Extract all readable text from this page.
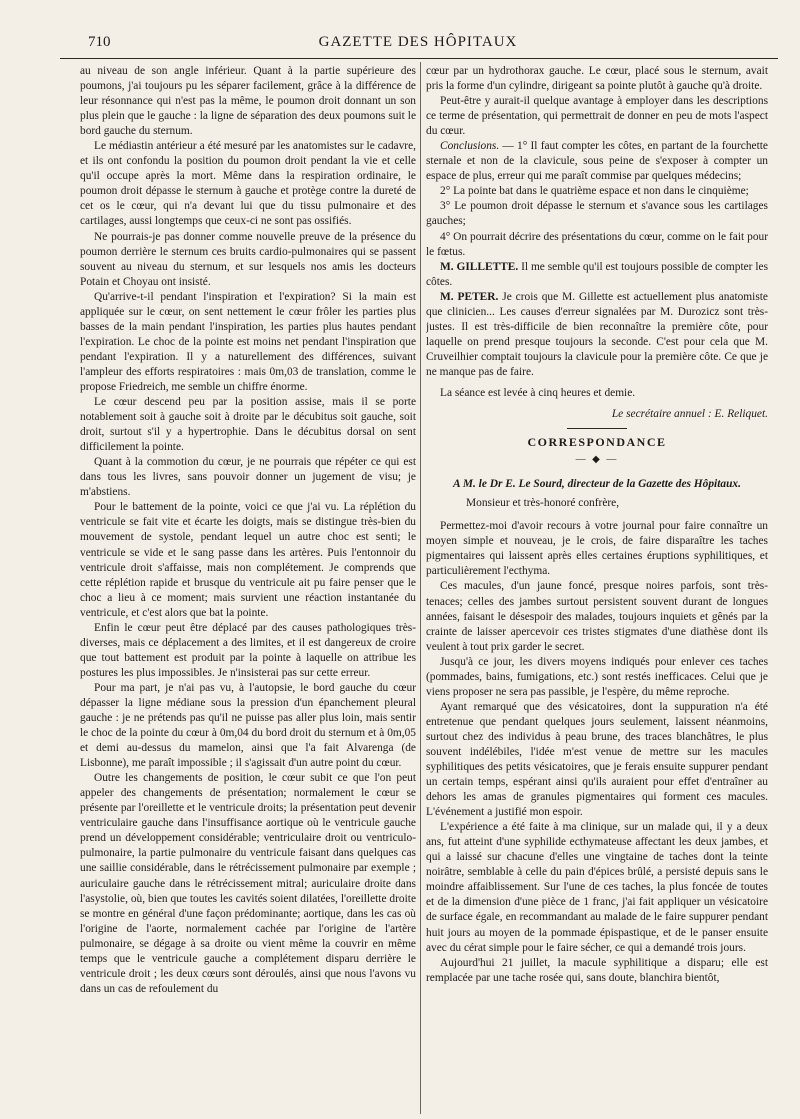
710	GAZETTE DES HÔPITAUX

au niveau de son angle inférieur. Quant à la partie supérieure des poumons, j'ai toujours pu les séparer facilement, grâce à la différence de leur résonnance qui n'est pas la même, le poumon droit donnant un son plus plein que le gauche : la ligne de séparation des deux poumons suit le bord gauche du sternum.

Le médiastin antérieur a été mesuré par les anatomistes sur le cadavre, et ils ont confondu la position du poumon droit pendant la vie et celle qu'il occupe après la mort. Même dans la respiration ordinaire, le poumon droit dépasse le sternum à gauche et protège contre la dureté de cet os le cœur, qui n'a devant lui que du tissu pulmonaire et des cartilages, aussi longtemps que ceux-ci ne sont pas ossifiés.

Ne pourrais-je pas donner comme nouvelle preuve de la présence du poumon derrière le sternum ces bruits cardio-pulmonaires qui se passent souvent au niveau du sternum, et sur lesquels nos amis les docteurs Potain et Choyau ont insisté.

Qu'arrive-t-il pendant l'inspiration et l'expiration? Si la main est appliquée sur le cœur, on sent nettement le cœur frôler les parties plus basses de la main pendant l'inspiration, les parties plus hautes pendant l'expiration. Le choc de la pointe est moins net pendant l'inspiration que pendant l'expiration. Il y a naturellement des différences, suivant l'ampleur des efforts respiratoires : mais 0m,03 de translation, comme le propose Friedreich, me semble un chiffre énorme.

Le cœur descend peu par la position assise, mais il se porte notablement soit à gauche soit à droite par le décubitus soit gauche, soit droit, surtout s'il y a hypertrophie. Dans le décubitus dorsal on sent difficilement la pointe.

Quant à la commotion du cœur, je ne pourrais que répéter ce qui est dans tous les livres, sans pouvoir donner un jugement de visu; je m'abstiens.

Pour le battement de la pointe, voici ce que j'ai vu. La réplétion du ventricule se fait vite et écarte les doigts, mais se distingue très-bien du mouvement de systole, pendant lequel un autre choc est senti; le ventricule se vide et le sang passe dans les artères. Puis l'entonnoir du ventricule droit s'affaisse, mais non complétement. Je comprends que cette réplétion rapide et brusque du ventricule ait pu faire penser que le choc a lieu à ce moment; mais survient une réaction instantanée du ventricule, et c'est alors que bat la pointe.

Enfin le cœur peut être déplacé par des causes pathologiques très-diverses, mais ce déplacement a des limites, et il est dangereux de croire que tout battement est produit par la pointe à laquelle on attribue les postures les plus impossibles. Je n'insisterai pas sur cette erreur.

Pour ma part, je n'ai pas vu, à l'autopsie, le bord gauche du cœur dépasser la ligne médiane sous la pression d'un épanchement pleural gauche : je ne prétends pas qu'il ne puisse pas aller plus loin, mais sentir le choc de la pointe du cœur à 0m,04 du bord droit du sternum et à 0m,05 et demi au-dessus du mamelon, ainsi que l'a fait Alvarenga (de Lisbonne), me paraît impossible ; il s'agissait d'un autre point du cœur.

Outre les changements de position, le cœur subit ce que l'on peut appeler des changements de présentation; normalement le cœur se présente par l'oreillette et le ventricule droits; la présentation peut devenir ventriculaire gauche dans l'insuffisance aortique où le ventricule gauche prend un développement considérable; ventriculaire droit ou ventriculo-pulmonaire, la partie pulmonaire du ventricule faisant dans quelques cas une saillie considérable, dans le rétrécissement pulmonaire par exemple ; auriculaire gauche dans le rétrécissement mitral; auriculaire droite dans l'asystolie, où, bien que toutes les cavités soient dilatées, l'oreillette droite se montre en général d'une façon prédominante; aortique, dans les cas où l'origine de l'aorte, normalement cachée par l'origine de l'artère pulmonaire, se dégage à sa droite ou vient même la couvrir en même temps que le ventricule gauche a complétement disparu derrière le ventricule droit ; les deux cœurs sont déroulés, ainsi que nous l'avons vu dans un cas de refoulement du

cœur par un hydrothorax gauche. Le cœur, placé sous le sternum, avait pris la forme d'un cylindre, dirigeant sa pointe plutôt à gauche qu'à droite.

Peut-être y aurait-il quelque avantage à employer dans les descriptions ce terme de présentation, qui permettrait de donner en peu de mots l'aspect du cœur.

Conclusions. — 1° Il faut compter les côtes, en partant de la fourchette sternale et non de la clavicule, sous peine de s'exposer à compter un espace de plus, erreur qui me paraît commise par quelques médecins;

2° La pointe bat dans le quatrième espace et non dans le cinquième;

3° Le poumon droit dépasse le sternum et s'avance sous les cartilages gauches;

4° On pourrait décrire des présentations du cœur, comme on le fait pour le fœtus.

M. GILLETTE. Il me semble qu'il est toujours possible de compter les côtes.

M. PETER. Je crois que M. Gillette est actuellement plus anatomiste que clinicien... Les causes d'erreur signalées par M. Durozicz sont très-justes. Il est très-difficile de bien reconnaître la première côte, pour laquelle on prend presque toujours la seconde. C'est pour cela que M. Cruveilhier comptait toujours la clavicule pour la première côte. Ce que je ne manque pas de faire.

La séance est levée à cinq heures et demie.

Le secrétaire annuel : E. Reliquet.

CORRESPONDANCE

— ◆ —

A M. le Dr E. Le Sourd, directeur de la Gazette des Hôpitaux.

Monsieur et très-honoré confrère,

Permettez-moi d'avoir recours à votre journal pour faire connaître un moyen simple et nouveau, je le crois, de faire disparaître les taches pigmentaires qui laissent après elles certaines éruptions syphilitiques, et particulièrement l'ecthyma.

Ces macules, d'un jaune foncé, presque noires parfois, sont très-tenaces; celles des jambes surtout persistent souvent durant de longues années, faisant le désespoir des malades, toujours inquiets et gênés par la crainte de laisser apercevoir ces tristes stigmates d'une diathèse dont ils veulent à tout prix garder le secret.

Jusqu'à ce jour, les divers moyens indiqués pour enlever ces taches (pommades, bains, fumigations, etc.) sont restés inefficaces. Celui que je viens proposer ne sera pas passible, je l'espère, du même reproche.

Ayant remarqué que des vésicatoires, dont la suppuration n'a été entretenue que pendant quelques jours seulement, laissent néanmoins, surtout chez des individus à peau brune, des traces blanchâtres, le plus souvent indélébiles, l'idée m'est venue de mettre sur les macules syphilitiques des petits vésicatoires, que je ferais ensuite suppurer pendant un certain temps, espérant ainsi qu'ils auraient pour effet d'entraîner au dehors les amas de granules pigmentaires qui forment ces macules. L'événement a justifié mon espoir.

L'expérience a été faite à ma clinique, sur un malade qui, il y a deux ans, fut atteint d'une syphilide ecthymateuse affectant les deux jambes, et qui a laissé sur chacune d'elles une vingtaine de taches dont la teinte noirâtre, semblable à celle du pain d'épices brûlé, a persisté depuis sans le moindre affaiblissement. Sur l'une de ces taches, la plus foncée de toutes et de la dimension d'une pièce de 1 franc, j'ai fait appliquer un vésicatoire de surface égale, en recommandant au malade de le faire suppurer pendant huit jours au moyen de la pommade épispastique, et de le panser ensuite avec du cérat simple pour le faire sécher, ce qui a demandé trois jours.

Aujourd'hui 21 juillet, la macule syphilitique a disparu; elle est remplacée par une tache rosée qui, sans doute, blanchira bientôt,
